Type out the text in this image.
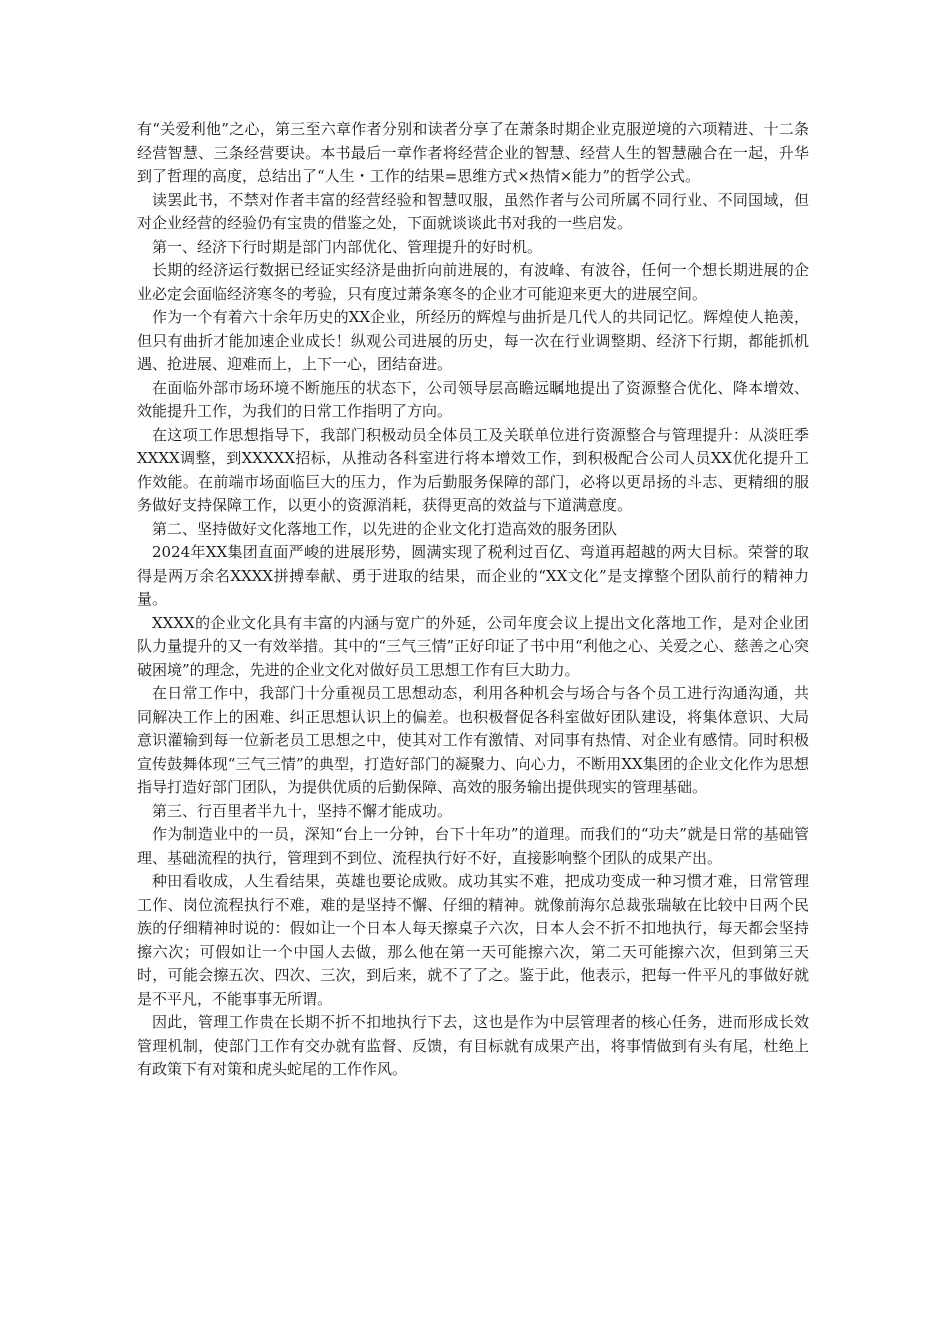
有“关爱利他”之心，第三至六章作者分别和读者分享了在萧条时期企业克服逆境的六项精进、十二条经营智慧、三条经营要诀。本书最后一章作者将经营企业的智慧、经营人生的智慧融合在一起，升华到了哲理的高度，总结出了“人生・工作的结果=思维方式×热情×能力”的哲学公式。

读罢此书，不禁对作者丰富的经营经验和智慧叹服，虽然作者与公司所属不同行业、不同国域，但对企业经营的经验仍有宝贵的借鉴之处，下面就谈谈此书对我的一些启发。

第一、经济下行时期是部门内部优化、管理提升的好时机。

长期的经济运行数据已经证实经济是曲折向前进展的，有波峰、有波谷，任何一个想长期进展的企业必定会面临经济寒冬的考验，只有度过萧条寒冬的企业才可能迎来更大的进展空间。

作为一个有着六十余年历史的XX企业，所经历的辉煌与曲折是几代人的共同记忆。辉煌使人艳羡，但只有曲折才能加速企业成长！纵观公司进展的历史，每一次在行业调整期、经济下行期，都能抓机遇、抢进展、迎难而上，上下一心，团结奋进。

在面临外部市场环境不断施压的状态下，公司领导层高瞻远瞩地提出了资源整合优化、降本增效、效能提升工作，为我们的日常工作指明了方向。

在这项工作思想指导下，我部门积极动员全体员工及关联单位进行资源整合与管理提升：从淡旺季XXXX调整，到XXXXX招标，从推动各科室进行将本增效工作，到积极配合公司人员XX优化提升工作效能。在前端市场面临巨大的压力，作为后勤服务保障的部门，必将以更昂扬的斗志、更精细的服务做好支持保障工作，以更小的资源消耗，获得更高的效益与下道满意度。

第二、坚持做好文化落地工作，以先进的企业文化打造高效的服务团队

2024年XX集团直面严峻的进展形势，圆满实现了税利过百亿、弯道再超越的两大目标。荣誉的取得是两万余名XXXX拼搏奉献、勇于进取的结果，而企业的“XX文化”是支撑整个团队前行的精神力量。

XXXX的企业文化具有丰富的内涵与宽广的外延，公司年度会议上提出文化落地工作，是对企业团队力量提升的又一有效举措。其中的“三气三情”正好印证了书中用“利他之心、关爱之心、慈善之心突破困境”的理念，先进的企业文化对做好员工思想工作有巨大助力。

在日常工作中，我部门十分重视员工思想动态，利用各种机会与场合与各个员工进行沟通沟通，共同解决工作上的困难、纠正思想认识上的偏差。也积极督促各科室做好团队建设，将集体意识、大局意识灌输到每一位新老员工思想之中，使其对工作有激情、对同事有热情、对企业有感情。同时积极宣传鼓舞体现“三气三情”的典型，打造好部门的凝聚力、向心力，不断用XX集团的企业文化作为思想指导打造好部门团队，为提供优质的后勤保障、高效的服务输出提供现实的管理基础。

第三、行百里者半九十，坚持不懈才能成功。

作为制造业中的一员，深知“台上一分钟，台下十年功”的道理。而我们的“功夫”就是日常的基础管理、基础流程的执行，管理到不到位、流程执行好不好，直接影响整个团队的成果产出。

种田看收成，人生看结果，英雄也要论成败。成功其实不难，把成功变成一种习惯才难，日常管理工作、岗位流程执行不难，难的是坚持不懈、仔细的精神。就像前海尔总裁张瑞敏在比较中日两个民族的仔细精神时说的：假如让一个日本人每天擦桌子六次，日本人会不折不扣地执行，每天都会坚持擦六次；可假如让一个中国人去做，那么他在第一天可能擦六次，第二天可能擦六次，但到第三天时，可能会擦五次、四次、三次，到后来，就不了了之。鉴于此，他表示，把每一件平凡的事做好就是不平凡，不能事事无所谓。

因此，管理工作贵在长期不折不扣地执行下去，这也是作为中层管理者的核心任务，进而形成长效管理机制，使部门工作有交办就有监督、反馈，有目标就有成果产出，将事情做到有头有尾，杜绝上有政策下有对策和虎头蛇尾的工作作风。
